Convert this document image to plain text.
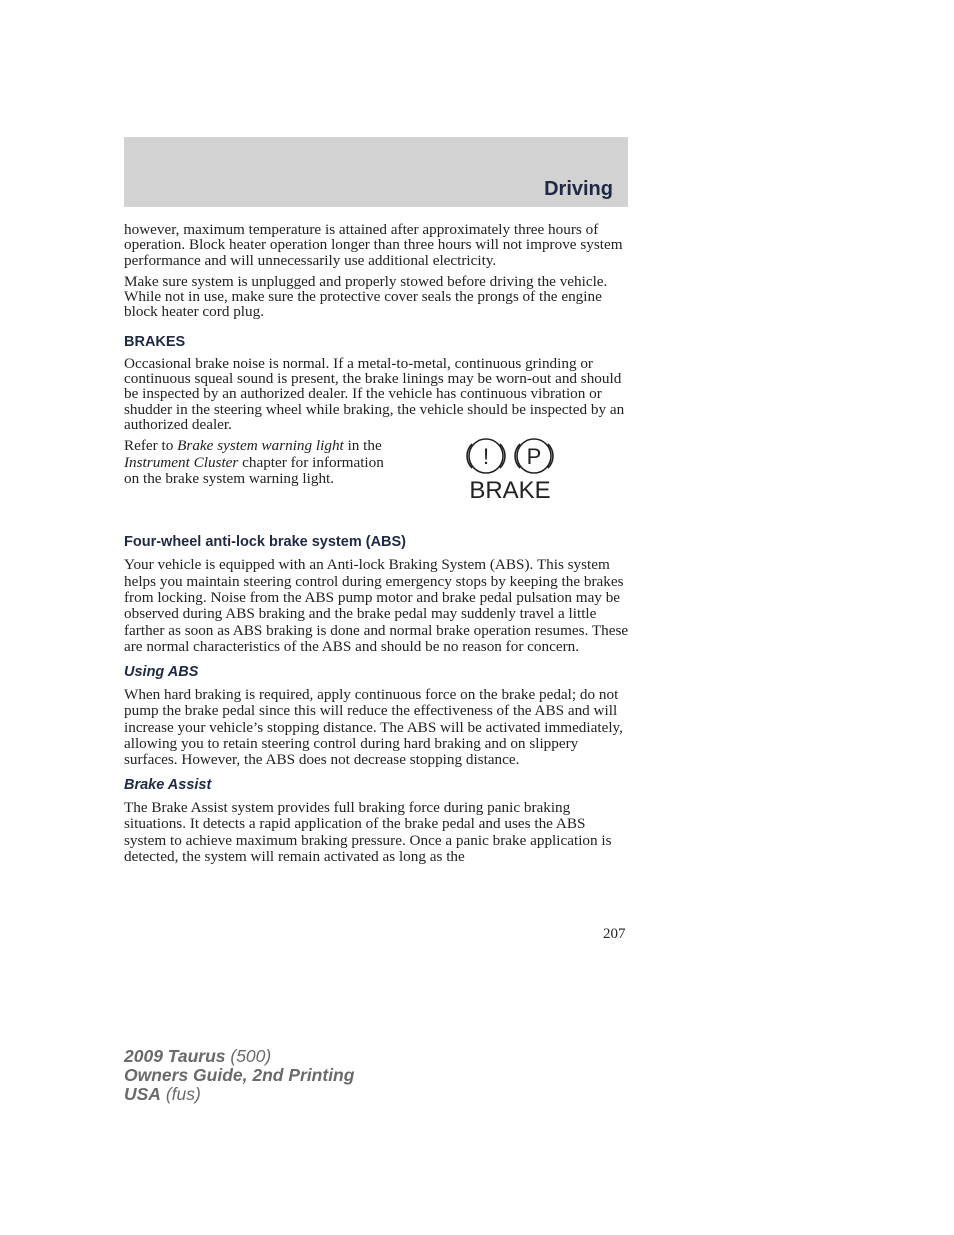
Driving

however, maximum temperature is attained after approximately three hours of operation. Block heater operation longer than three hours will not improve system performance and will unnecessarily use additional electricity.

Make sure system is unplugged and properly stowed before driving the vehicle. While not in use, make sure the protective cover seals the prongs of the engine block heater cord plug.

BRAKES

Occasional brake noise is normal. If a metal-to-metal, continuous grinding or continuous squeal sound is present, the brake linings may be worn-out and should be inspected by an authorized dealer. If the vehicle has continuous vibration or shudder in the steering wheel while braking, the vehicle should be inspected by an authorized dealer.

Refer to Brake system warning light in the Instrument Cluster chapter for information on the brake system warning light.
! P
BRAKE
Four-wheel anti-lock brake system (ABS)

Your vehicle is equipped with an Anti-lock Braking System (ABS). This system helps you maintain steering control during emergency stops by keeping the brakes from locking. Noise from the ABS pump motor and brake pedal pulsation may be observed during ABS braking and the brake pedal may suddenly travel a little farther as soon as ABS braking is done and normal brake operation resumes. These are normal characteristics of the ABS and should be no reason for concern.

Using ABS

When hard braking is required, apply continuous force on the brake pedal; do not pump the brake pedal since this will reduce the effectiveness of the ABS and will increase your vehicle’s stopping distance. The ABS will be activated immediately, allowing you to retain steering control during hard braking and on slippery surfaces. However, the ABS does not decrease stopping distance.

Brake Assist

The Brake Assist system provides full braking force during panic braking situations. It detects a rapid application of the brake pedal and uses the ABS system to achieve maximum braking pressure. Once a panic brake application is detected, the system will remain activated as long as the

207
2009 Taurus (500)
Owners Guide, 2nd Printing
USA (fus)
